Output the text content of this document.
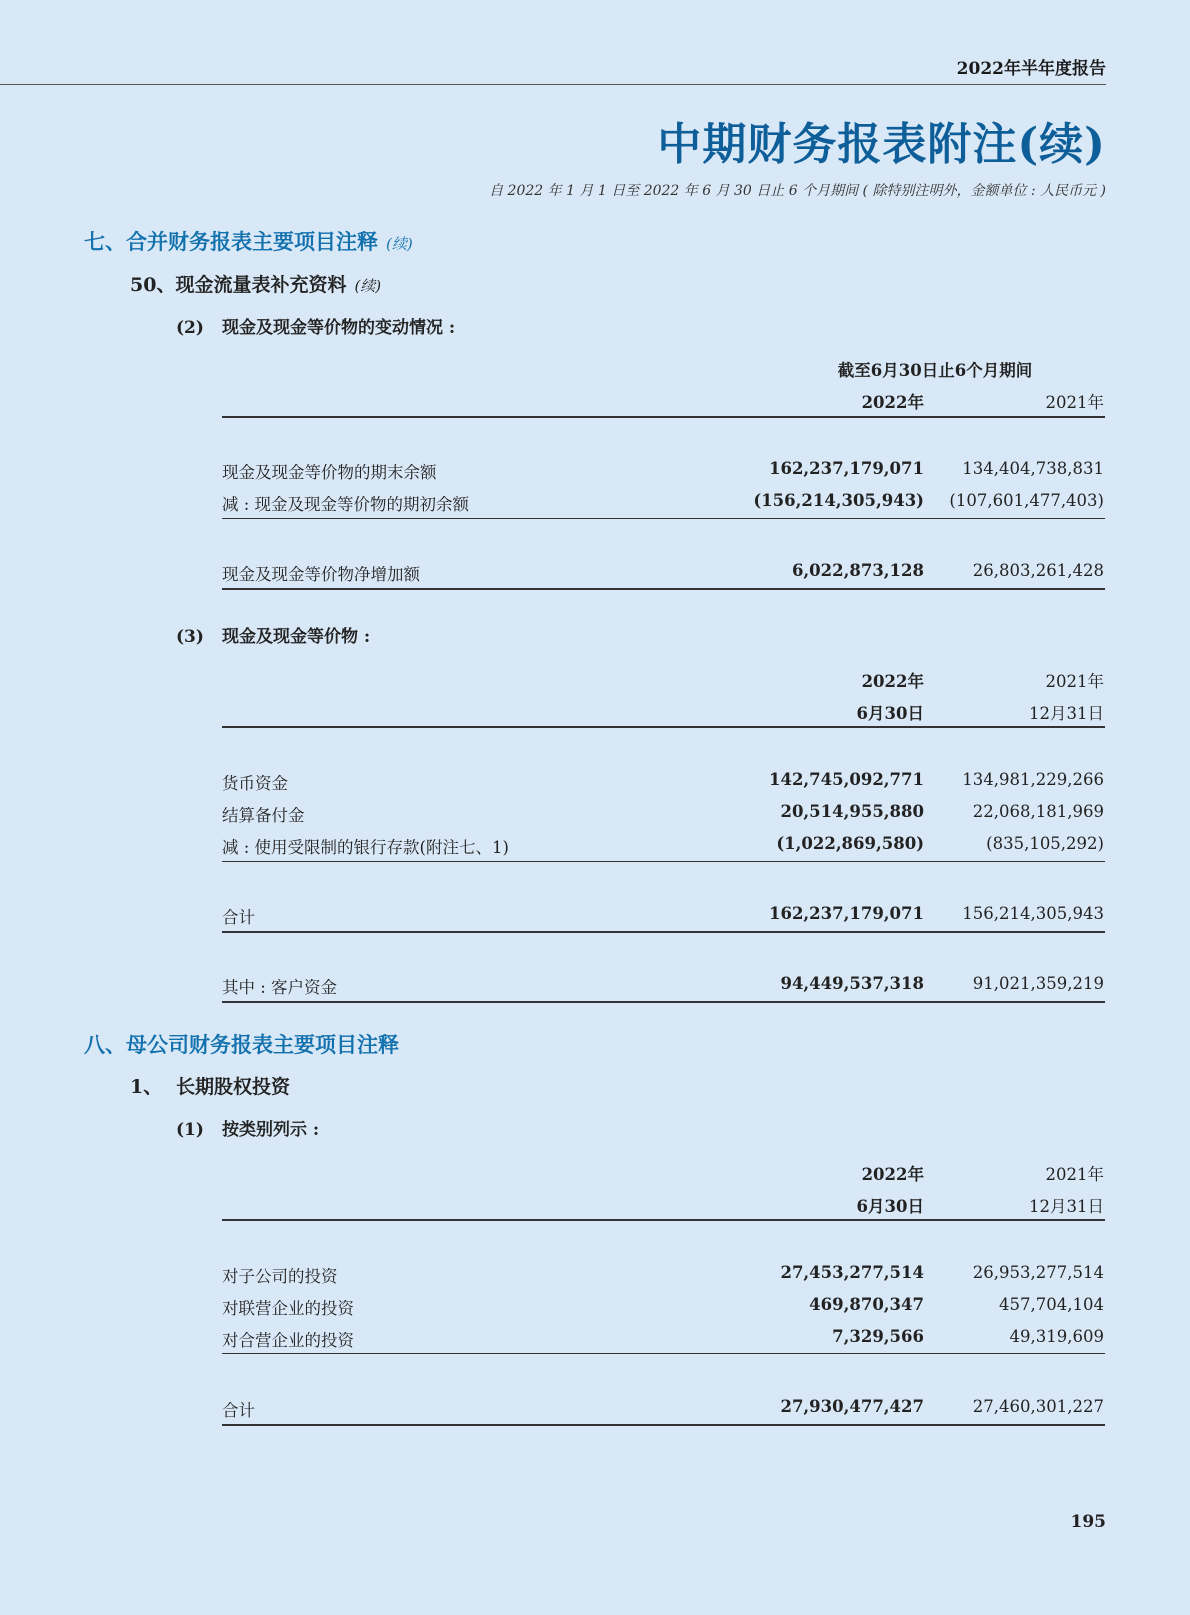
2022年半年度报告
中期财务报表附注(续)
自 2022 年 1 月 1 日至 2022 年 6 月 30 日止 6 个月期间 ( 除特别注明外，金额单位 : 人民币元 )
七、合并财务报表主要项目注释 (续)
50、现金流量表补充资料 (续)
(2) 现金及现金等价物的变动情况 :
截至6月30日止6个月期间
2022年	2021年
现金及现金等价物的期末余额	162,237,179,071 134,404,738,831
减 : 现金及现金等价物的期初余额	(156,214,305,943) (107,601,477,403)
现金及现金等价物净增加额	6,022,873,128	26,803,261,428
(3) 现金及现金等价物 :
2022年	2021年
6月30日	12月31日
货币资金	142,745,092,771 134,981,229,266
结算备付金	20,514,955,880	22,068,181,969
减 : 使用受限制的银行存款(附注七、1)	(1,022,869,580)	(835,105,292)
合计	162,237,179,071 156,214,305,943
其中 : 客户资金	94,449,537,318	91,021,359,219
八、母公司财务报表主要项目注释
1、 长期股权投资
(1) 按类别列示 :
2022年	2021年
6月30日	12月31日
对子公司的投资	27,453,277,514	26,953,277,514
对联营企业的投资	469,870,347	457,704,104
对合营企业的投资	7,329,566	49,319,609
合计	27,930,477,427	27,460,301,227
195
